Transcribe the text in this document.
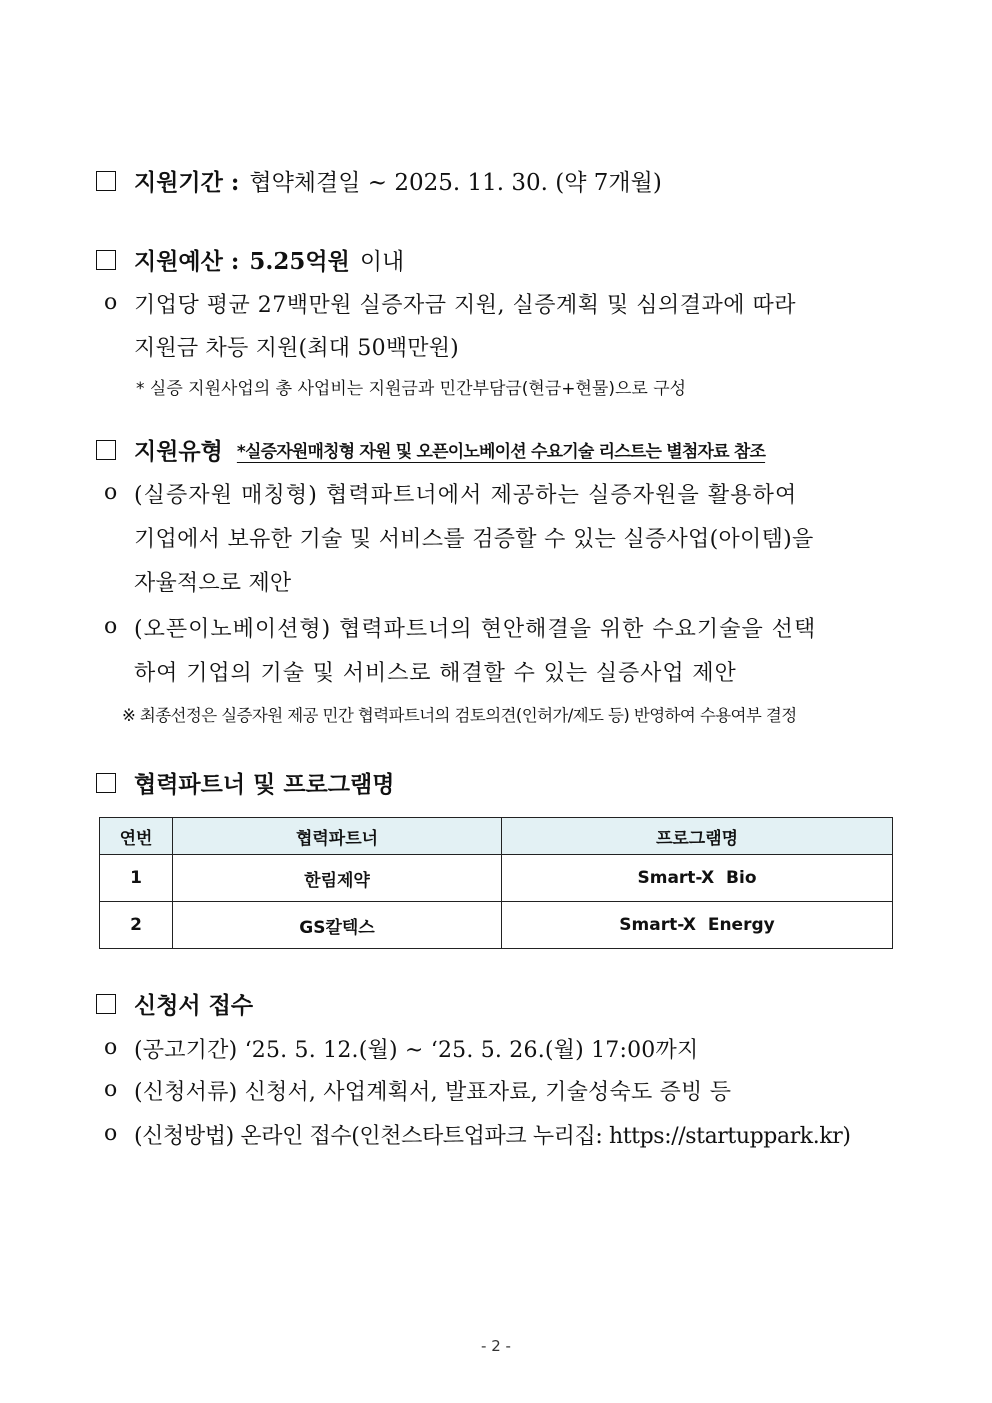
지원기간 : 협약체결일 ~ 2025. 11. 30. (약 7개월)
지원예산 : 5.25억원 이내
o 기업당 평균 27백만원 실증자금 지원, 실증계획 및 심의결과에 따라
지원금 차등 지원(최대 50백만원)
* 실증 지원사업의 총 사업비는 지원금과 민간부담금(현금+현물)으로 구성
지원유형 *실증자원매칭형 자원 및 오픈이노베이션 수요기술 리스트는 별첨자료 참조
o (실증자원 매칭형) 협력파트너에서 제공하는 실증자원을 활용하여
기업에서 보유한 기술 및 서비스를 검증할 수 있는 실증사업(아이템)을
자율적으로 제안
o (오픈이노베이션형) 협력파트너의 현안해결을 위한 수요기술을 선택
하여 기업의 기술 및 서비스로 해결할 수 있는 실증사업 제안
※ 최종선정은 실증자원 제공 민간 협력파트너의 검토의견(인허가/제도 등) 반영하여 수용여부 결정
협력파트너 및 프로그램명
연번	협력파트너	프로그램명
1	한림제약	Smart-X  Bio
2	GS칼텍스	Smart-X  Energy
신청서 접수
o (공고기간) ‘25. 5. 12.(월) ~ ‘25. 5. 26.(월) 17:00까지
o (신청서류) 신청서, 사업계획서, 발표자료, 기술성숙도 증빙 등
o (신청방법) 온라인 접수(인천스타트업파크 누리집: https://startuppark.kr)
- 2 -
